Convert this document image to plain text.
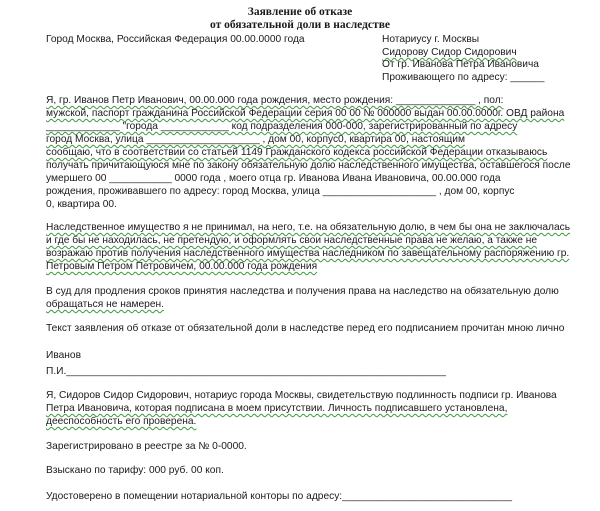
Заявление об отказе
от обязательной доли в наследстве
Город Москва, Российская Федерация 00.00.0000 года	Нотариусу г. Москвы
Сидорову Сидор Сидорович
От гр. Иванова Петра Ивановича
Проживающего по адресу: ______
Я, гр. Иванов Петр Иванович, 00.00.000 года рождения, место рождения: ______________ , пол:
мужской, паспорт гражданина Российской Федерации серия 00 00 № 000000 выдан 00.00.0000г. ОВД района
_____________ "города ____________ код подразделения 000-000, зарегистрированный по адресу
город Москва, улица ____________________ , дом 00, корпус0, квартира 00, настоящим
сообщаю, что в соответствии со статьей 1149 Гражданского кодекса российской Федерации отказываюсь
получать причитающуюся мне по закону обязательную долю наследственного имущества, оставшегося после
умершего 00 ___________ 0000 года , моего отца гр. Иванова Ивана Ивановича, 00.00.000 года
рождения, проживавшего по адресу: город Москва, улица ____________________ , дом 00, корпус
0, квартира 00.
Наследственное имущество я не принимал, на него, т.е. на обязательную долю, в чем бы она не заключалась
и где бы не находилась, не претендую, и оформлять свои наследственные права не желаю, а также не
возражаю против получения наследственного имущества наследником по завещательному распоряжению гр.
Петровым Петром Петровичем, 00.00.000 года рождения
В суд для продления сроков принятия наследства и получения права на наследство на обязательную долю
обращаться не намерен.
Текст заявления об отказе от обязательной доли в наследстве перед его подписанием прочитан мною лично
Иванов
П.И.___________________________________________________________________
Я, Сидоров Сидор Сидорович, нотариус города Москвы, свидетельствую подлинность подписи гр. Иванова
Петра Ивановича, которая подписана в моем присутствии. Личность подписавшего установлена,
дееспособность его проверена.
Зарегистрировано в реестре за № 0-0000.
Взыскано по тарифу: 000 руб. 00 коп.
Удостоверено в помещении нотариальной конторы по адресу:______________________________
